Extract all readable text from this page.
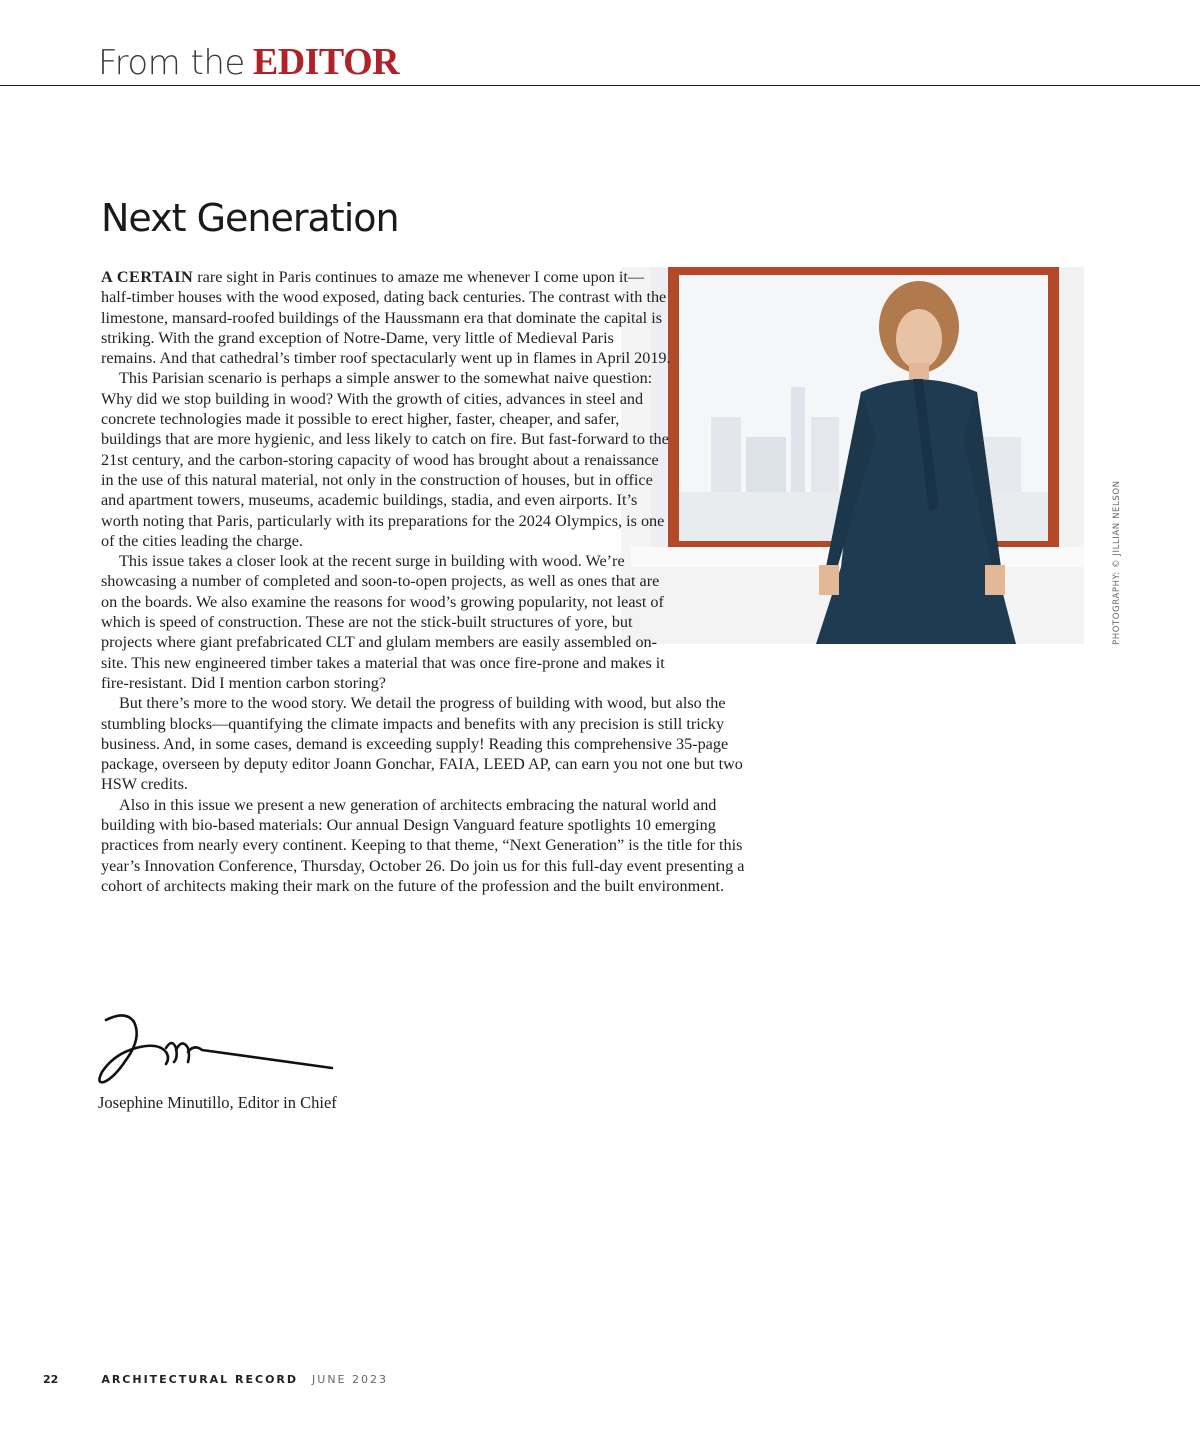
From the EDITOR
Next Generation
PHOTOGRAPHY: © JILLIAN NELSON

A CERTAIN rare sight in Paris continues to amaze me whenever I come upon it—half-timber houses with the wood exposed, dating back centuries. The contrast with the limestone, mansard-roofed buildings of the Haussmann era that dominate the capital is striking. With the grand exception of Notre-Dame, very little of Medieval Paris remains. And that cathedral’s timber roof spectacularly went up in flames in April 2019.

This Parisian scenario is perhaps a simple answer to the somewhat naive question: Why did we stop building in wood? With the growth of cities, advances in steel and concrete technologies made it possible to erect higher, faster, cheaper, and safer, buildings that are more hygienic, and less likely to catch on fire. But fast-forward to the 21st century, and the carbon-storing capacity of wood has brought about a renaissance in the use of this natural material, not only in the construction of houses, but in office and apartment towers, museums, academic buildings, stadia, and even airports. It’s worth noting that Paris, particularly with its preparations for the 2024 Olympics, is one of the cities leading the charge.

This issue takes a closer look at the recent surge in building with wood. We’re showcasing a number of completed and soon-to-open projects, as well as ones that are on the boards. We also examine the reasons for wood’s growing popularity, not least of which is speed of construction. These are not the stick-built structures of yore, but projects where giant prefabricated CLT and glulam members are easily assembled on-site. This new engineered timber takes a material that was once fire-prone and makes it fire-resistant. Did I mention carbon storing?

But there’s more to the wood story. We detail the progress of building with wood, but also the stumbling blocks—quantifying the climate impacts and benefits with any precision is still tricky business. And, in some cases, demand is exceeding supply! Reading this comprehensive 35-page package, overseen by deputy editor Joann Gonchar, FAIA, LEED AP, can earn you not one but two HSW credits.

Also in this issue we present a new generation of architects embracing the natural world and building with bio-based materials: Our annual Design Vanguard feature spotlights 10 emerging practices from nearly every continent. Keeping to that theme, “Next Generation” is the title for this year’s Innovation Conference, Thursday, October 26. Do join us for this full-day event presenting a cohort of architects making their mark on the future of the profession and the built environment.

Josephine Minutillo, Editor in Chief
22	ARCHITECTURAL RECORD JUNE 2023
